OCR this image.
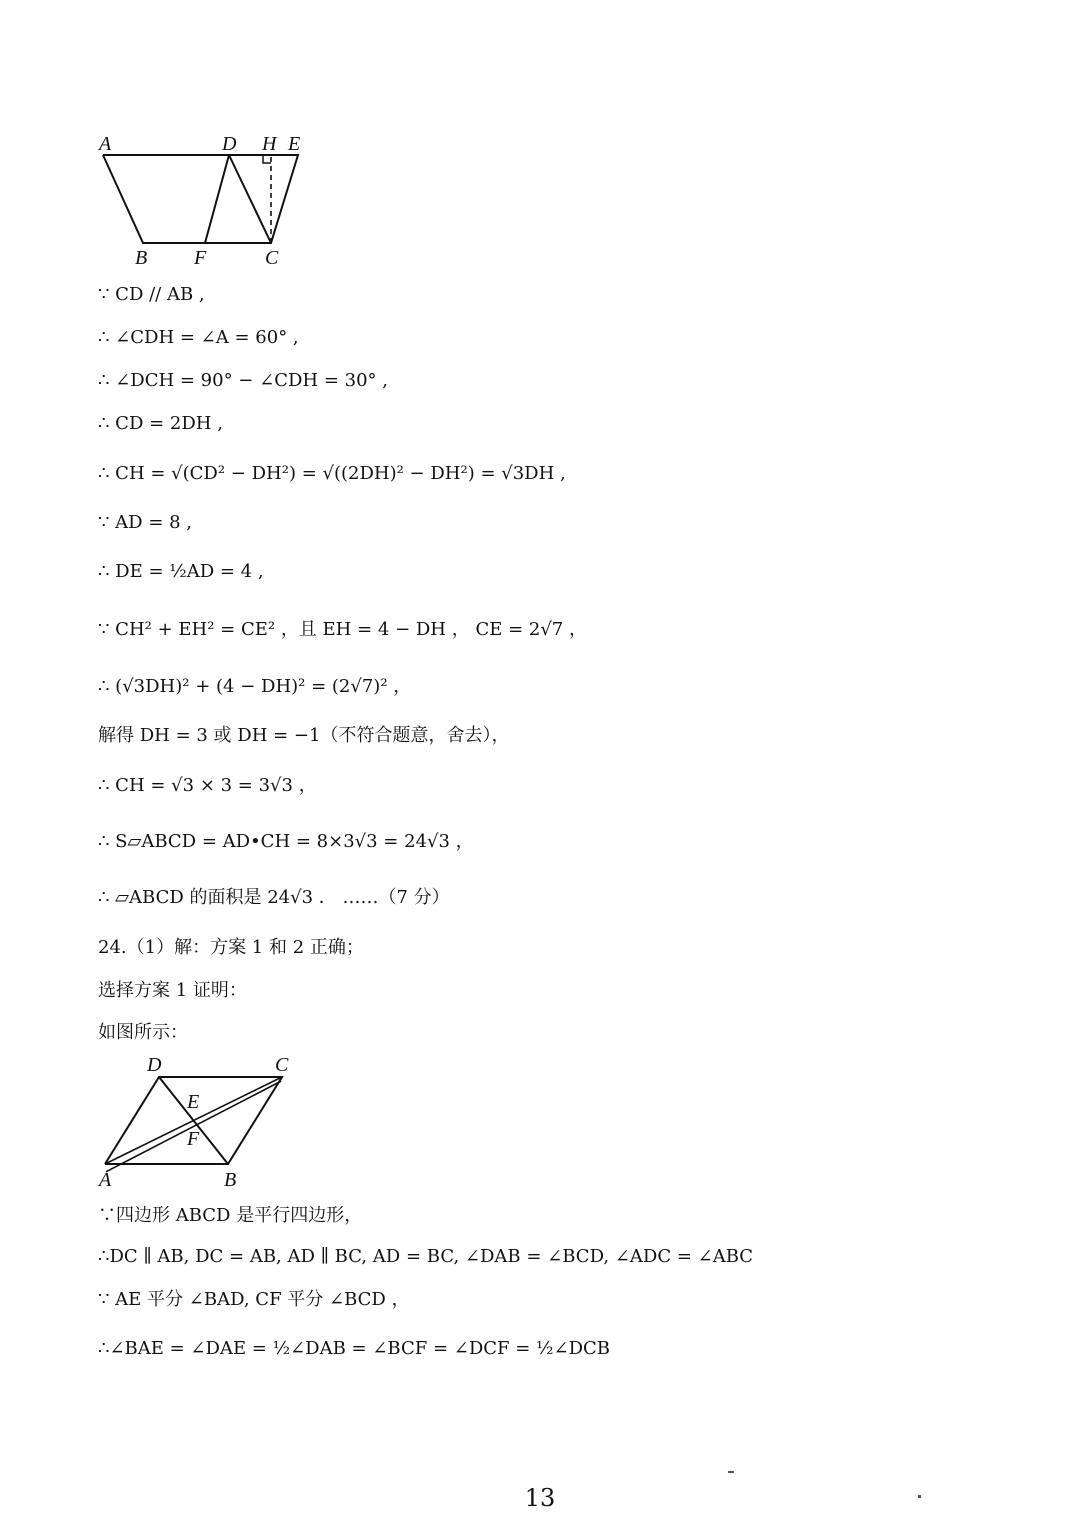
A	D H E
B F	C
∵ CD // AB ,
∴ ∠CDH = ∠A = 60° ,
∴ ∠DCH = 90° − ∠CDH = 30° ,
∴ CD = 2DH ,
∴ CH = √(CD² − DH²) = √((2DH)² − DH²) = √3DH ,
∵ AD = 8 ,
∴ DE = ½AD = 4 ,
∵ CH² + EH² = CE² ，且 EH = 4 − DH ， CE = 2√7 ，
∴ (√3DH)² + (4 − DH)² = (2√7)² ，
解得 DH = 3 或 DH = −1（不符合题意，舍去），
∴ CH = √3 × 3 = 3√3 ，
∴ S▱ABCD = AD•CH = 8×3√3 = 24√3 ，
∴ ▱ABCD 的面积是 24√3 ． ……（7 分）
24.（1）解：方案 1 和 2 正确；
选择方案 1 证明：
如图所示：
D	C
E
F
A	B
∵四边形 ABCD 是平行四边形，
∴DC ∥ AB, DC = AB, AD ∥ BC, AD = BC, ∠DAB = ∠BCD, ∠ADC = ∠ABC
∵ AE 平分 ∠BAD, CF 平分 ∠BCD ，
∴∠BAE = ∠DAE = ½∠DAB = ∠BCF = ∠DCF = ½∠DCB
13
